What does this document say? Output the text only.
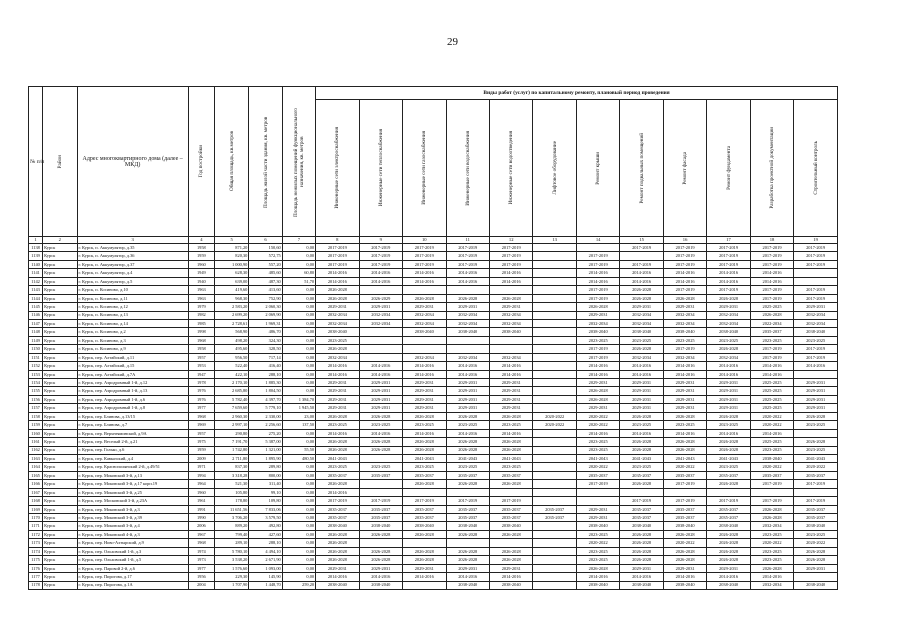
29
№ п/п	Район	Адрес многоквартирного дома (далее – МКД)	Год постройки	Общая площадь, кв.метров	Площадь жилой части здания, кв. метров	Площадь нежилых помещений функционального назначения, кв. метров	Виды работ (услуг) по капитальному ремонту, плановый период проведения											

							Инженерные сети электроснабжения	Инженерные сети теплоснабжения	Инженерные сети газоснабжения	Инженерные сети водоснабжения	Инженерные сети водоотведения	Лифтовое оборудование	Ремонт крыши	Ремонт подвальных помещений	Ремонт фасада	Ремонт фундамента	Разработка проектной документации	Строительный контроль

1	2	3	4	5	6	7	8	9	10	11	12	13	14	15	16	17	18	19
1138	Курск	г. Курск, п. Аккумулятор, д.35	1958	871,20	150,60	0,00	2017-2019	2017-2019	2017-2019	2017-2019	2017-2019			2017-2019	2017-2019	2017-2019	2017-2019	2017-2019
1139	Курск	г. Курск, п. Аккумулятор, д.36	1959	820,30	572,75	0,00	2017-2019	2017-2019	2017-2019	2017-2019	2017-2019		2017-2019		2017-2019	2017-2019	2017-2019	2017-2019
1140	Курск	г. Курск, п. Аккумулятор, д.37	1960	1 000,90	557,20	0,00	2017-2019	2017-2019	2017-2019	2017-2019	2017-2019		2017-2019	2017-2019	2017-2019	2017-2019	2017-2019	2017-2019
1141	Курск	г. Курск, п. Аккумулятор, д.4	1949	628,30	485,60	60,80	2014-2016	2014-2016	2014-2016	2014-2016	2014-2016		2014-2016	2014-2016	2014-2016	2014-2016	2014-2016	
1142	Курск	г. Курск, п. Аккумулятор, д.5	1940	639,00	487,30	51,70	2014-2016	2014-2016	2014-2016	2014-2016	2014-2016		2014-2016	2014-2016	2014-2016	2014-2016	2014-2016	
1143	Курск	г. Курск, п. Косиново, д.10	1963	419,60	413,60	0,00	2026-2028						2017-2019	2026-2028	2017-2019	2017-2019	2017-2019	2017-2019
1144	Курск	г. Курск, п. Косиново, д.11	1963	968,30	752,90	0,00	2026-2028	2026-2029	2026-2028	2026-2028	2026-2028		2017-2019	2026-2028	2026-2028	2026-2028	2017-2019	2017-2019
1145	Курск	г. Курск, п. Косиново, д.12	1979	2 583,20	2 060,30	0,00	2029-2031	2029-2031	2029-2031	2029-2031	2029-2031		2026-2028	2029-2031	2029-2031	2029-2031	2025-2025	2029-2031
1146	Курск	г. Курск, п. Косиново, д.13	1982	2 699,20	2 069,90	0,00	2032-2034	2032-2034	2032-2034	2032-2034	2032-2034		2029-2031	2032-2034	2032-2034	2032-2034	2026-2028	2032-2034
1147	Курск	г. Курск, п. Косиново, д.14	1985	2 728,61	1 969,31	0,00	2032-2034	2032-2034	2032-2034	2032-2034	2032-2034		2032-2034	2032-2034	2032-2034	2032-2034	2022-2034	2032-2034
1148	Курск	г. Курск, п. Косиново, д.2	1998	568,90	486,70	0,00	2038-2040		2038-2040	2038-2040	2038-2040		2038-2040	2038-2040	2038-2040	2038-2040	2035-2037	2038-2040
1149	Курск	г. Курск, п. Косиново, д.3	1968	498,20	324,30	0,00	2023-2025						2023-2025	2023-2025	2023-2025	2023-2025	2023-2025	2023-2025
1150	Курск	г. Курск, п. Косиново, д.9	1958	495,60	328,50	0,00	2026-2028						2017-2019	2026-2028	2017-2019	2026-2028	2017-2019	2017-2019
1151	Курск	г. Курск, пер. Алтайский, д.11	1957	956,50	717,14	0,00	2032-2034		2032-2034	2032-2034	2032-2034		2017-2019	2032-2034	2032-2034	2032-2034	2017-2019	2017-2019
1152	Курск	г. Курск, пер. Алтайский, д.15	1953	522,40	416,40	0,00	2014-2016	2014-2016	2014-2016	2014-2016	2014-2016		2014-2016	2014-2016	2014-2016	2014-2016	2014-2016	2014-2016
1153	Курск	г. Курск, пер. Алтайский, д.7А	1947	422,10	288,10	0,00	2014-2016	2014-2016	2014-2016	2014-2016	2014-2016		2014-2016	2014-2016	2014-2016	2014-2016	2014-2016	
1154	Курск	г. Курск, пер. Аэродромный 1-й, д.12	1978	2 170,10	1 885,30	0,00	2029-2031	2029-2031	2029-2031	2029-2031	2029-2031		2029-2031	2029-2031	2029-2031	2029-2031	2025-2025	2029-2031
1155	Курск	г. Курск, пер. Аэродромный 1-й, д.13	1976	2 685,80	1 804,50	0,00	2029-2031	2029-2031	2029-2031	2029-2031	2029-2031		2026-2028	2029-2031	2029-2031	2029-2031	2025-2025	2029-2031
1156	Курск	г. Курск, пер. Аэродромный 1-й, д.6	1976	5 782,40	4 397,70	1 384,70	2029-2031	2029-2031	2029-2031	2029-2031	2029-2031		2026-2028	2029-2031	2029-2031	2029-2031	2025-2025	2029-2031
1157	Курск	г. Курск, пер. Аэродромный 1-й, д.8	1977	7 659,60	5 779,10	1 945,50	2029-2031	2029-2031	2029-2031	2029-2031	2029-2031		2029-2031	2029-2031	2029-2031	2029-2031	2025-2025	2029-2031
1158	Курск	г. Курск, пер. Блинова, д.13/15	1968	2 960,30	2 330,00	23,00	2026-2028	2026-2028	2026-2028	2026-2028	2026-2028	2020-2022	2020-2022	2026-2028	2026-2028	2026-2028	2020-2022	2026-2028
1159	Курск	г. Курск, пер. Блинова, д.7	1969	2 997,10	2 256,60	137,50	2023-2025	2023-2025	2023-2025	2023-2025	2023-2025	2020-2022	2020-2022	2023-2025	2023-2025	2023-2025	2020-2022	2023-2025
1160	Курск	г. Курск, пер. Верхнеяминский, д.9А	1957	290,80	275,20	0,00	2014-2016	2014-2016	2014-2016	2014-2016	2014-2016		2014-2016	2014-2016	2014-2016	2014-2016	2014-2016	
1161	Курск	г. Курск, пер. Веселый 2-й, д.21	1975	7 191,70	5 387,00	0,00	2026-2028	2026-2028	2026-2028	2026-2028	2026-2028		2023-2025	2026-2028	2026-2028	2026-2028	2025-2025	2026-2028
1162	Курск	г. Курск, пер. Голько, д.6	1959	1 742,80	1 321,00	55,50	2026-2028	2026-2028	2026-2028	2026-2028	2026-2028		2023-2025	2026-2028	2026-2028	2026-2028	2023-2025	2023-2025
1163	Курск	г. Курск, пер. Кавказский, д.4	2009	2 711,80	1 895,90	480,50	2041-2043		2041-2043	2041-2043	2041-2043		2041-2043	2041-2043	2041-2043	2041-2043	2038-2040	2041-2043
1164	Курск	г. Курск, пер. Краснополянский 2-й, д.49/51	1971	837,30	289,80	0,00	2023-2025	2023-2025	2023-2025	2023-2025	2023-2025		2020-2022	2023-2025	2020-2022	2023-2025	2020-2022	2020-2022
1165	Курск	г. Курск, пер. Моковский 3-й, д.13	1994	3 318,28	800,00	0,00	2035-2037	2035-2037	2035-2037	2035-2037	2035-2037		2035-2037	2035-2037	2035-2037	2035-2037	2035-2037	2035-2037
1166	Курск	г. Курск, пер. Моковский 3-й, д.17 корп.19	1964	521,30	311,40	0,00	2026-2028		2026-2028	2026-2028	2026-2028		2017-2019	2026-2028	2017-2019	2026-2028	2017-2019	2017-2019
1167	Курск	г. Курск, пер. Моковский 3-й, д.25	1960	105,80	99,10	0,00	2014-2016											
1168	Курск	г. Курск, пер. Московский 3-й, д.23А	1961	178,80	109,80	0,00	2017-2019	2017-2019	2017-2019	2017-2019	2017-2019			2017-2019	2017-2019	2017-2019	2017-2019	2017-2019
1169	Курск	г. Курск, пер. Моковский 3-й, д.3	1991	11 651,56	7 833,06	0,00	2035-2037	2035-2037	2035-2037	2035-2037	2035-2037	2035-2037	2029-2031	2035-2037	2035-2037	2035-2037	2026-2028	2035-2037
1170	Курск	г. Курск, пер. Моковский 3-й, д.39	1990	3 706,20	3 579,50	0,00	2035-2037	2035-2037	2035-2037	2035-2037	2035-2037	2035-2037	2029-2031	2035-2037	2035-2037	2035-2037	2026-2028	2035-2037
1171	Курск	г. Курск, пер. Моковский 3-й, д.4	2006	889,20	492,80	0,00	2038-2040	2038-2040	2038-2040	2038-2040	2038-2040		2038-2040	2038-2040	2038-2040	2038-2040	2032-2034	2038-2040
1172	Курск	г. Курск, пер. Моковский 4-й, д.3	1967	799,40	427,60	0,00	2026-2028	2026-2028	2026-2028	2026-2028	2026-2028		2023-2025	2026-2028	2026-2028	2026-2028	2023-2025	2023-2025
1173	Курск	г. Курск, пер. Ново-Ахтырский, д.9	1968	289,10	288,10	0,00	2026-2028						2020-2022	2026-2028	2020-2022	2026-2028	2020-2022	2020-2022
1174	Курск	г. Курск, пер. Ольховский 1-й, д.3	1974	5 780,10	4 494,10	0,00	2026-2028	2026-2028	2026-2028	2026-2028	2026-2028		2023-2025	2026-2028	2026-2028	2026-2028	2023-2025	2026-2028
1175	Курск	г. Курск, пер. Ольховский 1-й, д.5	1973	3 538,20	2 671,90	0,00	2026-2028	2026-2028	2026-2028	2026-2028	2026-2028		2023-2025	2026-2028	2026-2028	2026-2028	2023-2025	2026-2028
1176	Курск	г. Курск, пер. Паровой 2-й, д.6	1977	1 576,60	1 093,00	0,00	2029-2031	2029-2031	2029-2031	2029-2031	2029-2031		2026-2028	2029-2031	2029-2031	2029-2031	2026-2028	2029-2031
1177	Курск	г. Курск, пер. Пирогова, д.17	1956	229,30	145,90	0,00	2014-2016	2014-2016	2014-2016	2014-2016	2014-2016		2014-2016	2014-2016	2014-2016	2014-2016	2014-2016	
1178	Курск	г. Курск, пер. Пирогова, д.1А	2004	1 707,90	1 448,70	259,20	2038-2040	2038-2040		2038-2040	2038-2040		2038-2040	2038-2040	2038-2040	2038-2040	2032-2034	2038-2040
